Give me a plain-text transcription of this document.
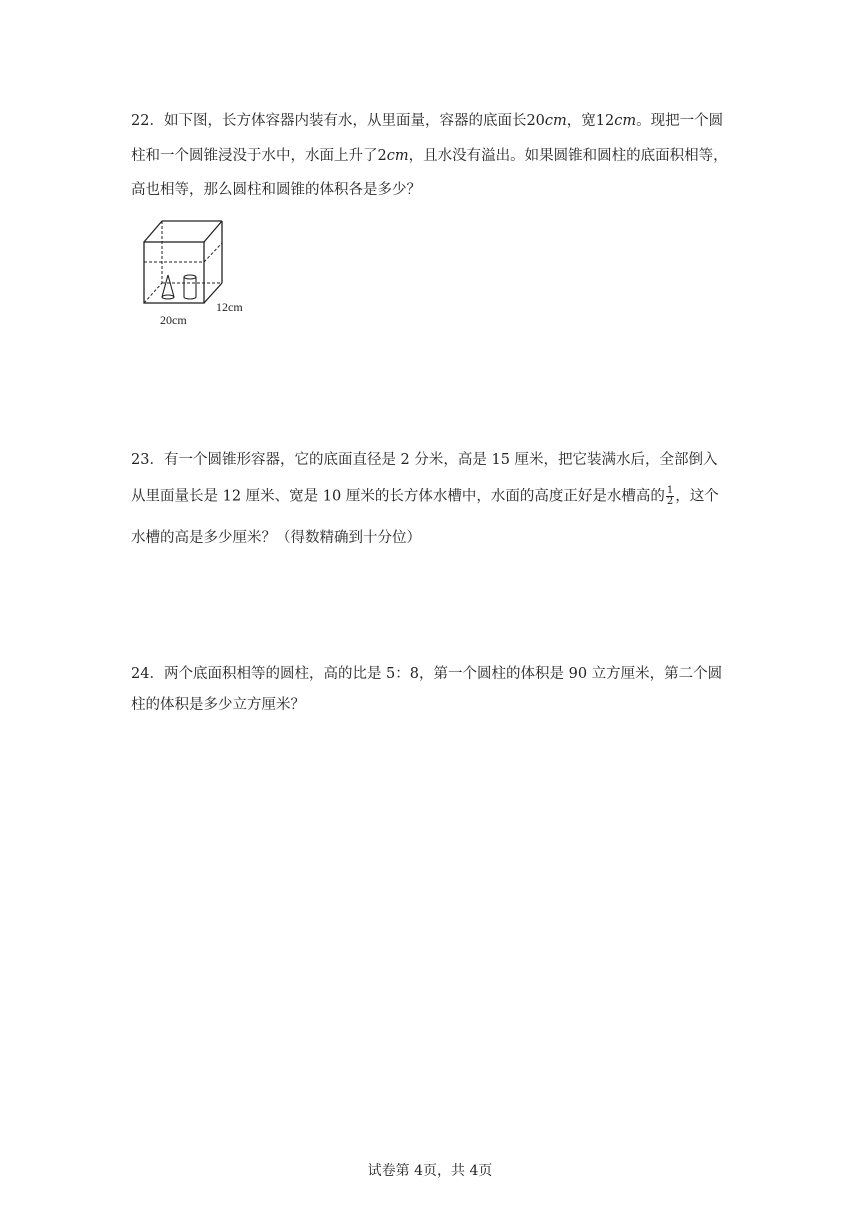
22．如下图，长方体容器内装有水，从里面量，容器的底面长20cm，宽12cm。现把一个圆
柱和一个圆锥浸没于水中，水面上升了2cm，且水没有溢出。如果圆锥和圆柱的底面积相等，
高也相等，那么圆柱和圆锥的体积各是多少？
12cm
20cm
23．有一个圆锥形容器，它的底面直径是 2 分米，高是 15 厘米，把它装满水后，全部倒入
从里面量长是 12 厘米、宽是 10 厘米的长方体水槽中，水面的高度正好是水槽高的 $\frac{1}{2}$ ，这个
水槽的高是多少厘米？（得数精确到十分位）
24．两个底面积相等的圆柱，高的比是 5：8，第一个圆柱的体积是 90 立方厘米，第二个圆
柱的体积是多少立方厘米？
试卷第 4页，共 4页
